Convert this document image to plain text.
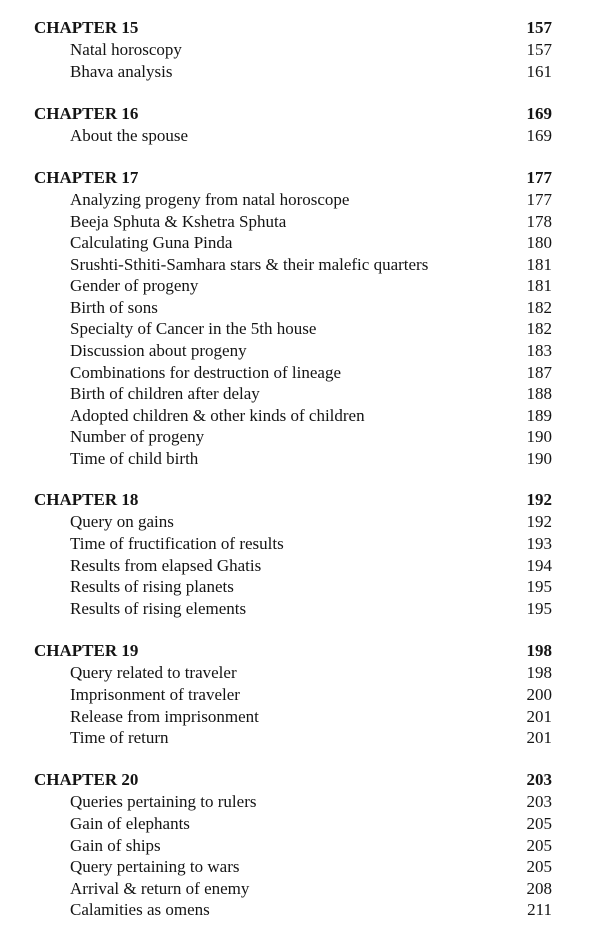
CHAPTER 15	157
Natal horoscopy	157
Bhava analysis	161
CHAPTER 16	169
About the spouse	169
CHAPTER 17	177
Analyzing progeny from natal horoscope	177
Beeja Sphuta & Kshetra Sphuta	178
Calculating Guna Pinda	180
Srushti-Sthiti-Samhara stars & their malefic quarters	181
Gender of progeny	181
Birth of sons	182
Specialty of Cancer in the 5th house	182
Discussion about progeny	183
Combinations for destruction of lineage	187
Birth of children after delay	188
Adopted children & other kinds of children	189
Number of progeny	190
Time of child birth	190
CHAPTER 18	192
Query on gains	192
Time of fructification of results	193
Results from elapsed Ghatis	194
Results of rising planets	195
Results of rising elements	195
CHAPTER 19	198
Query related to traveler	198
Imprisonment of traveler	200
Release from imprisonment	201
Time of return	201
CHAPTER 20	203
Queries pertaining to rulers	203
Gain of elephants	205
Gain of ships	205
Query pertaining to wars	205
Arrival & return of enemy	208
Calamities as omens	211
